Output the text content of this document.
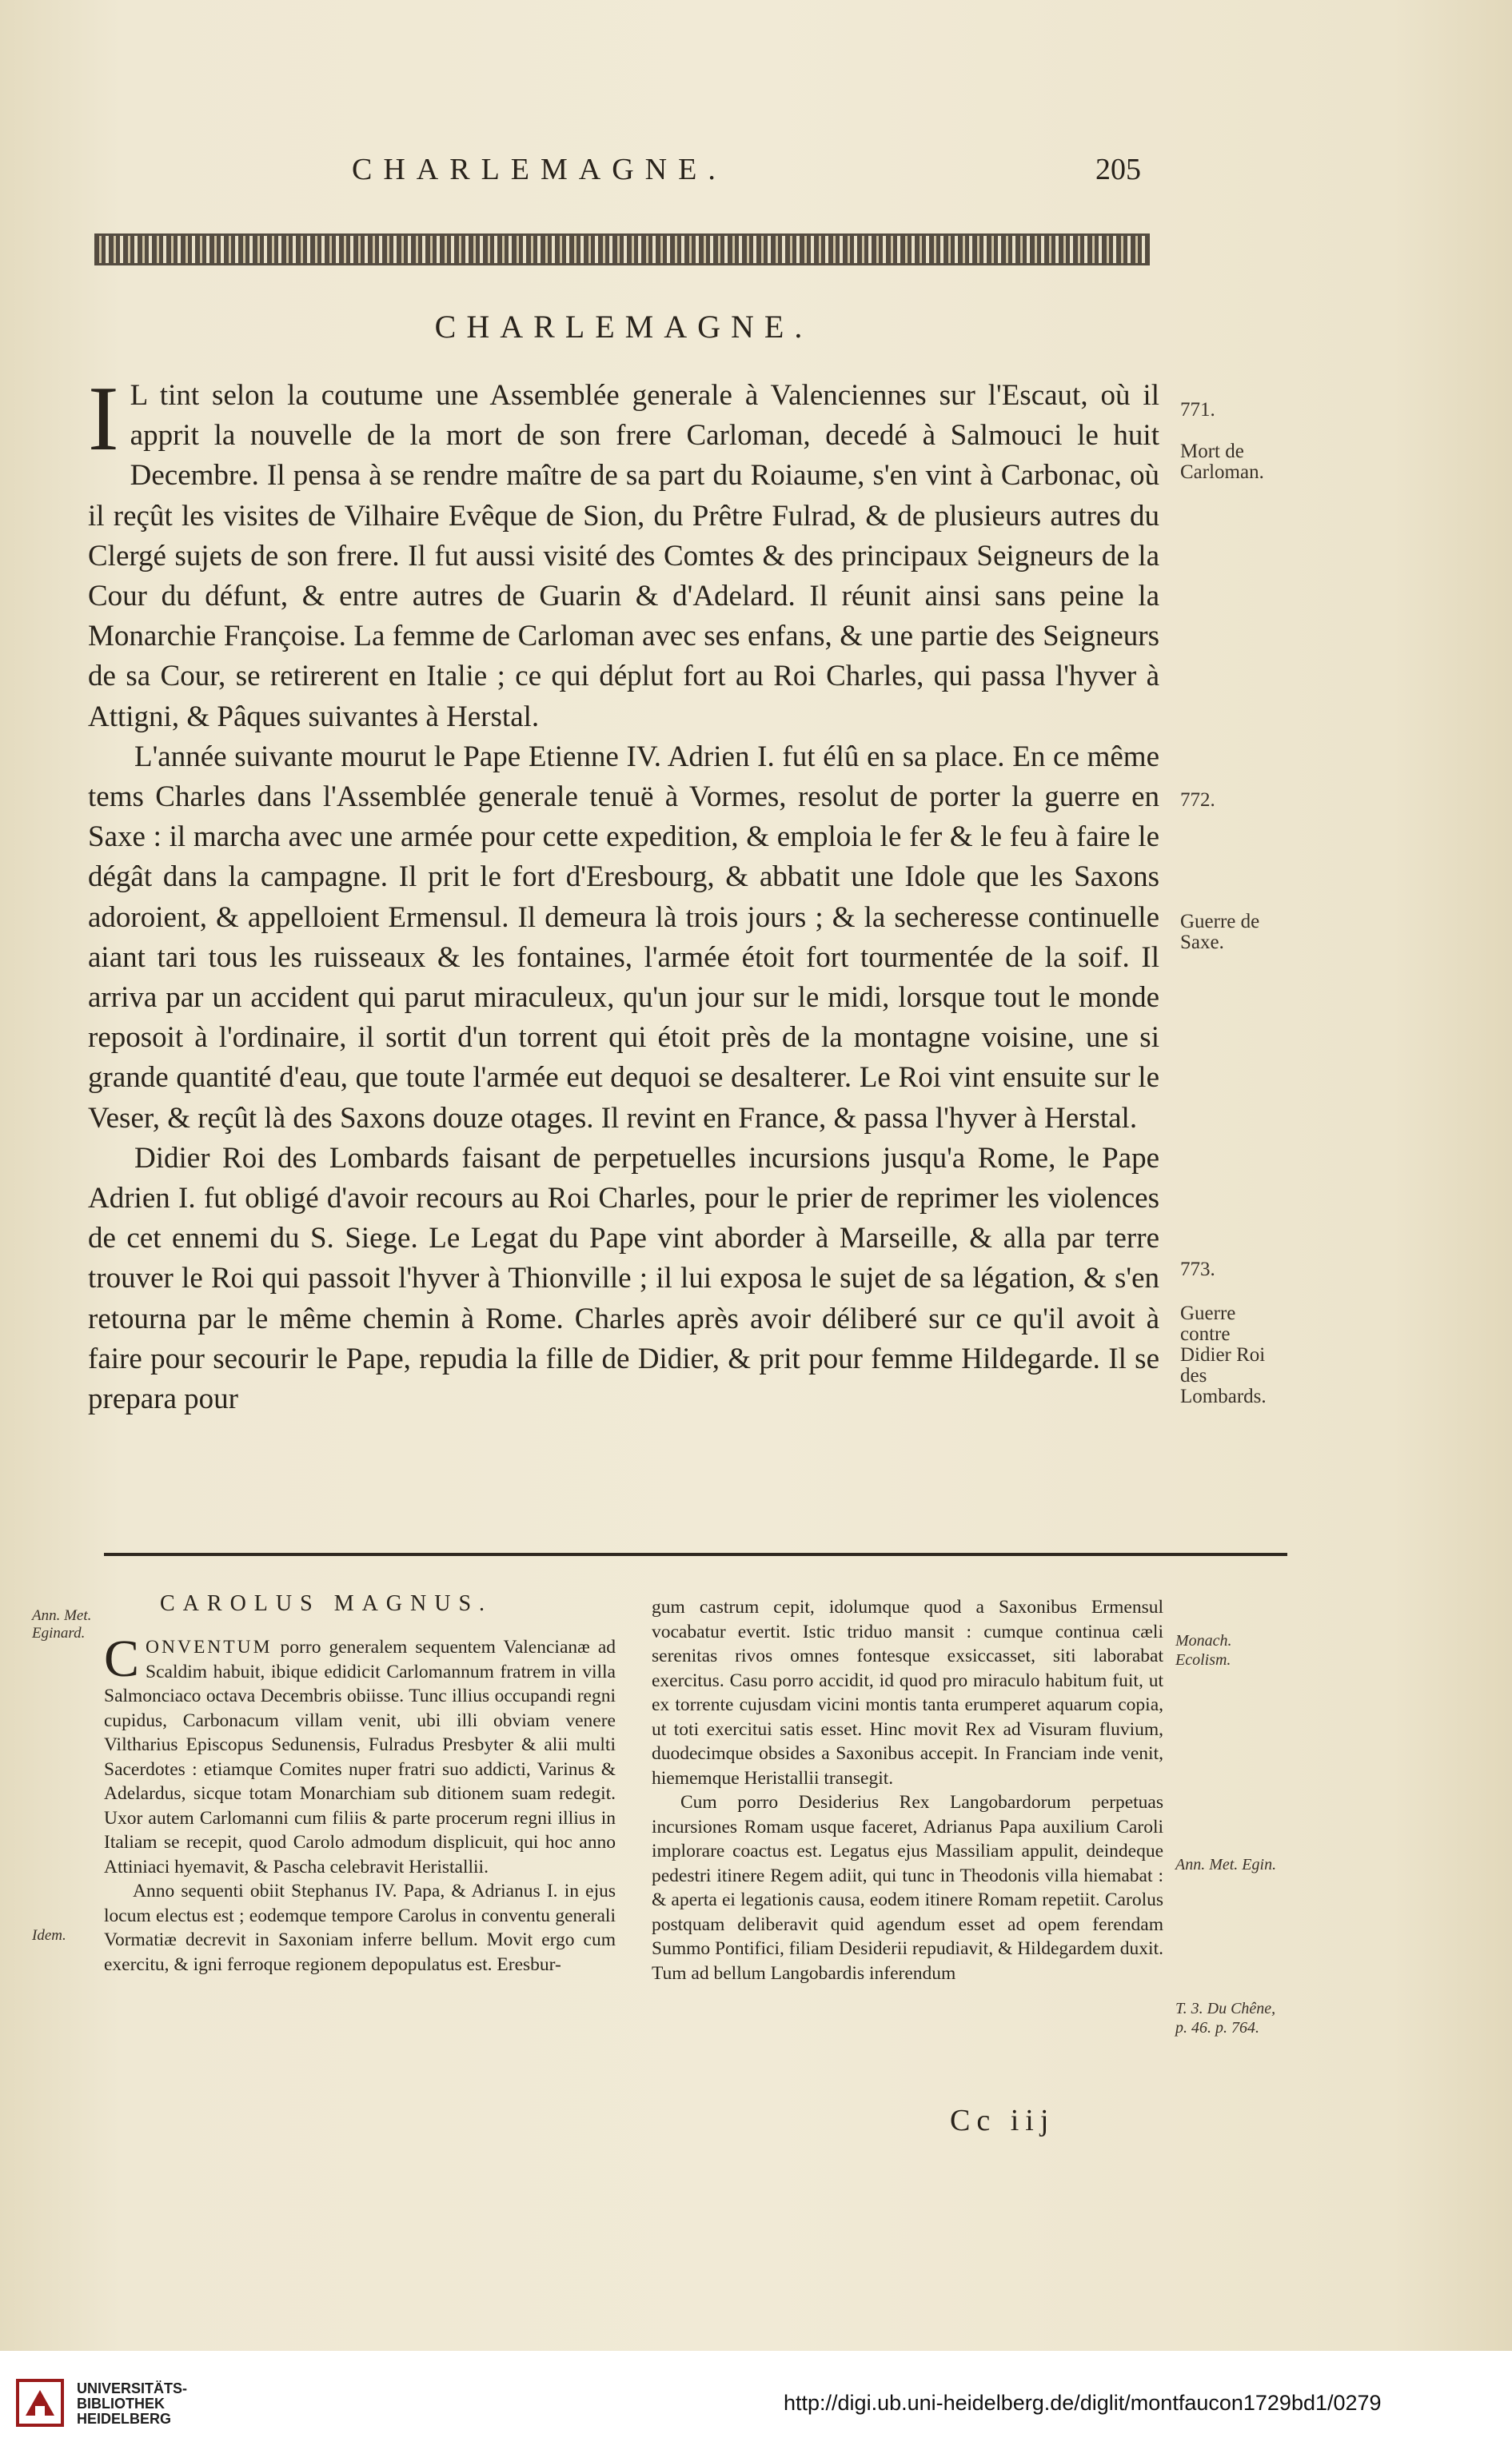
CHARLEMAGNE.	205
CHARLEMAGNE.

I L tint selon la coutume une Assemblée generale à Valenciennes sur l'Escaut, où il apprit la nouvelle de la mort de son frere Carloman, decedé à Salmouci le huit Decembre. Il pensa à se rendre maître de sa part du Roiaume, s'en vint à Carbonac, où il reçût les visites de Vilhaire Evêque de Sion, du Prêtre Fulrad, & de plusieurs autres du Clergé sujets de son frere. Il fut aussi visité des Comtes & des principaux Seigneurs de la Cour du défunt, & entre autres de Guarin & d'Adelard. Il réunit ainsi sans peine la Monarchie Françoise. La femme de Carloman avec ses enfans, & une partie des Seigneurs de sa Cour, se retirerent en Italie ; ce qui déplut fort au Roi Charles, qui passa l'hyver à Attigni, & Pâques suivantes à Herstal.

L'année suivante mourut le Pape Etienne IV. Adrien I. fut élû en sa place. En ce même tems Charles dans l'Assemblée generale tenuë à Vormes, resolut de porter la guerre en Saxe : il marcha avec une armée pour cette expedition, & emploia le fer & le feu à faire le dégât dans la campagne. Il prit le fort d'Eresbourg, & abbatit une Idole que les Saxons adoroient, & appelloient Ermensul. Il demeura là trois jours ; & la secheresse continuelle aiant tari tous les ruisseaux & les fontaines, l'armée étoit fort tourmentée de la soif. Il arriva par un accident qui parut miraculeux, qu'un jour sur le midi, lorsque tout le monde reposoit à l'ordinaire, il sortit d'un torrent qui étoit près de la montagne voisine, une si grande quantité d'eau, que toute l'armée eut dequoi se desalterer. Le Roi vint ensuite sur le Veser, & reçût là des Saxons douze otages. Il revint en France, & passa l'hyver à Herstal.

Didier Roi des Lombards faisant de perpetuelles incursions jusqu'a Rome, le Pape Adrien I. fut obligé d'avoir recours au Roi Charles, pour le prier de reprimer les violences de cet ennemi du S. Siege. Le Legat du Pape vint aborder à Marseille, & alla par terre trouver le Roi qui passoit l'hyver à Thionville ; il lui exposa le sujet de sa légation, & s'en retourna par le même chemin à Rome. Charles après avoir déliberé sur ce qu'il avoit à faire pour secourir le Pape, repudia la fille de Didier, & prit pour femme Hildegarde. Il se prepara pour

771.
Mort de Carloman.
772.
Guerre de Saxe.
773.
Guerre contre Didier Roi des Lombards.
CAROLUS MAGNUS.

CONVENTUM porro generalem sequentem Valencianæ ad Scaldim habuit, ibique edidicit Carlomannum fratrem in villa Salmonciaco octava Decembris obiisse. Tunc illius occupandi regni cupidus, Carbonacum villam venit, ubi illi obviam venere Viltharius Episcopus Sedunensis, Fulradus Presbyter & alii multi Sacerdotes : etiamque Comites nuper fratri suo addicti, Varinus & Adelardus, sicque totam Monarchiam sub ditionem suam redegit. Uxor autem Carlomanni cum filiis & parte procerum regni illius in Italiam se recepit, quod Carolo admodum displicuit, qui hoc anno Attiniaci hyemavit, & Pascha celebravit Heristallii.

Anno sequenti obiit Stephanus IV. Papa, & Adrianus I. in ejus locum electus est ; eodemque tempore Carolus in conventu generali Vormatiæ decrevit in Saxoniam inferre bellum. Movit ergo cum exercitu, & igni ferroque regionem depopulatus est. Eresbur-

gum castrum cepit, idolumque quod a Saxonibus Ermensul vocabatur evertit. Istic triduo mansit : cumque continua cæli serenitas rivos omnes fontesque exsiccasset, siti laborabat exercitus. Casu porro accidit, id quod pro miraculo habitum fuit, ut ex torrente cujusdam vicini montis tanta erumperet aquarum copia, ut toti exercitui satis esset. Hinc movit Rex ad Visuram fluvium, duodecimque obsides a Saxonibus accepit. In Franciam inde venit, hiememque Heristallii transegit.

Cum porro Desiderius Rex Langobardorum perpetuas incursiones Romam usque faceret, Adrianus Papa auxilium Caroli implorare coactus est. Legatus ejus Massiliam appulit, deindeque pedestri itinere Regem adiit, qui tunc in Theodonis villa hiemabat : & aperta ei legationis causa, eodem itinere Romam repetiit. Carolus postquam deliberavit quid agendum esset ad opem ferendam Summo Pontifici, filiam Desiderii repudiavit, & Hildegardem duxit. Tum ad bellum Langobardis inferendum

Ann. Met. Eginard.
Idem.
Monach. Ecolism.
Ann. Met. Egin.
T. 3. Du Chêne, p. 46. p. 764.
Cc iij
UNIVERSITÄTS-
BIBLIOTHEK
HEIDELBERG
http://digi.ub.uni-heidelberg.de/diglit/montfaucon1729bd1/0279
